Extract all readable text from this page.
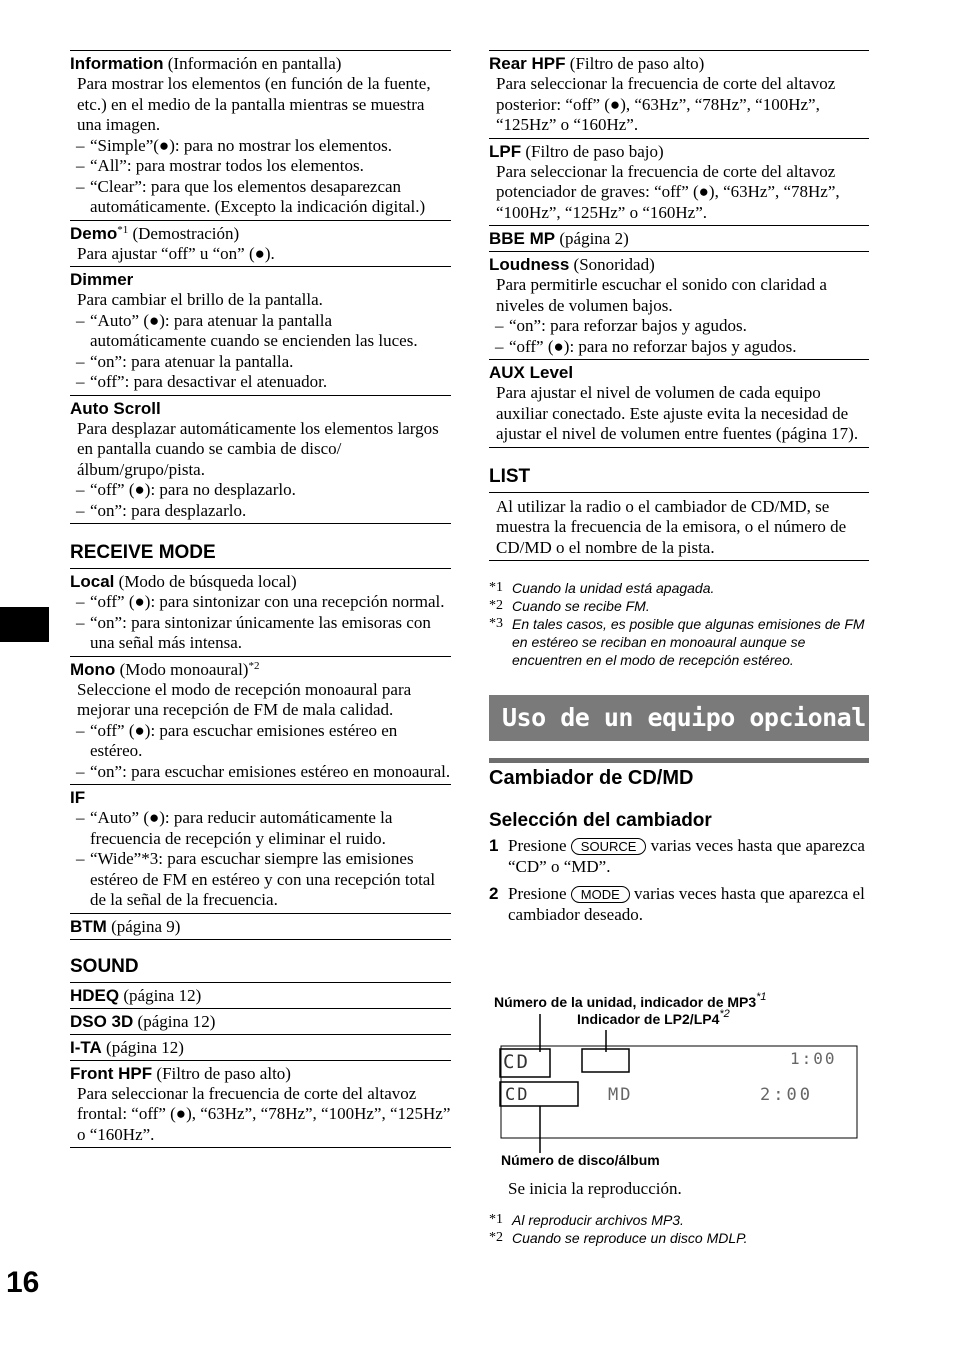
Information (Información en pantalla)
Para mostrar los elementos (en función de la fuente, etc.) en el medio de la pantalla mientras se muestra una imagen.
– “Simple”(●): para no mostrar los elementos.
– “All”: para mostrar todos los elementos.
– “Clear”: para que los elementos desaparezcan automáticamente. (Excepto la indicación digital.)
Demo$^{*1}$ (Demostración)
Para ajustar “off” u “on” (●).
Dimmer
Para cambiar el brillo de la pantalla.
– “Auto” (●): para atenuar la pantalla automáticamente cuando se encienden las luces.
– “on”: para atenuar la pantalla.
– “off”: para desactivar el atenuador.
Auto Scroll
Para desplazar automáticamente los elementos largos en pantalla cuando se cambia de disco/álbum/grupo/pista.
– “off” (●): para no desplazarlo.
– “on”: para desplazarlo.
RECEIVE MODE
Local (Modo de búsqueda local)
– “off” (●): para sintonizar con una recepción normal.
– “on”: para sintonizar únicamente las emisoras con una señal más intensa.
Mono (Modo monoaural)$^{*2}$
Seleccione el modo de recepción monoaural para mejorar una recepción de FM de mala calidad.
– “off” (●): para escuchar emisiones estéreo en estéreo.
– “on”: para escuchar emisiones estéreo en monoaural.
IF
– “Auto” (●): para reducir automáticamente la frecuencia de recepción y eliminar el ruido.
– “Wide”*3: para escuchar siempre las emisiones estéreo de FM en estéreo y con una recepción total de la señal de la frecuencia.
BTM (página 9)
SOUND
HDEQ (página 12)
DSO 3D (página 12)
I-TA (página 12)
Front HPF (Filtro de paso alto)
Para seleccionar la frecuencia de corte del altavoz frontal: “off” (●), “63Hz”, “78Hz”, “100Hz”, “125Hz” o “160Hz”.
Rear HPF (Filtro de paso alto)
Para seleccionar la frecuencia de corte del altavoz posterior: “off” (●), “63Hz”, “78Hz”, “100Hz”, “125Hz” o “160Hz”.
LPF (Filtro de paso bajo)
Para seleccionar la frecuencia de corte del altavoz potenciador de graves: “off” (●), “63Hz”, “78Hz”, “100Hz”, “125Hz” o “160Hz”.
BBE MP (página 2)
Loudness (Sonoridad)
Para permitirle escuchar el sonido con claridad a niveles de volumen bajos.
– “on”: para reforzar bajos y agudos.
– “off” (●): para no reforzar bajos y agudos.
AUX Level
Para ajustar el nivel de volumen de cada equipo auxiliar conectado. Este ajuste evita la necesidad de ajustar el nivel de volumen entre fuentes (página 17).
LIST
Al utilizar la radio o el cambiador de CD/MD, se muestra la frecuencia de la emisora, o el número de CD/MD o el nombre de la pista.
*1 Cuando la unidad está apagada.
*2 Cuando se recibe FM.
*3 En tales casos, es posible que algunas emisiones de FM en estéreo se reciban en monoaural aunque se encuentren en el modo de recepción estéreo.
Uso de un equipo opcional
Cambiador de CD/MD
Selección del cambiador
1 Presione SOURCE varias veces hasta que aparezca “CD” o “MD”.
2 Presione MODE varias veces hasta que aparezca el cambiador deseado.
Número de la unidad, indicador de MP3$^{*1}$
Indicador de LP2/LP4$^{*2}$
CD
CD	MD
1:00
2:00
Número de disco/álbum
Se inicia la reproducción.
*1 Al reproducir archivos MP3.
*2 Cuando se reproduce un disco MDLP.
16
